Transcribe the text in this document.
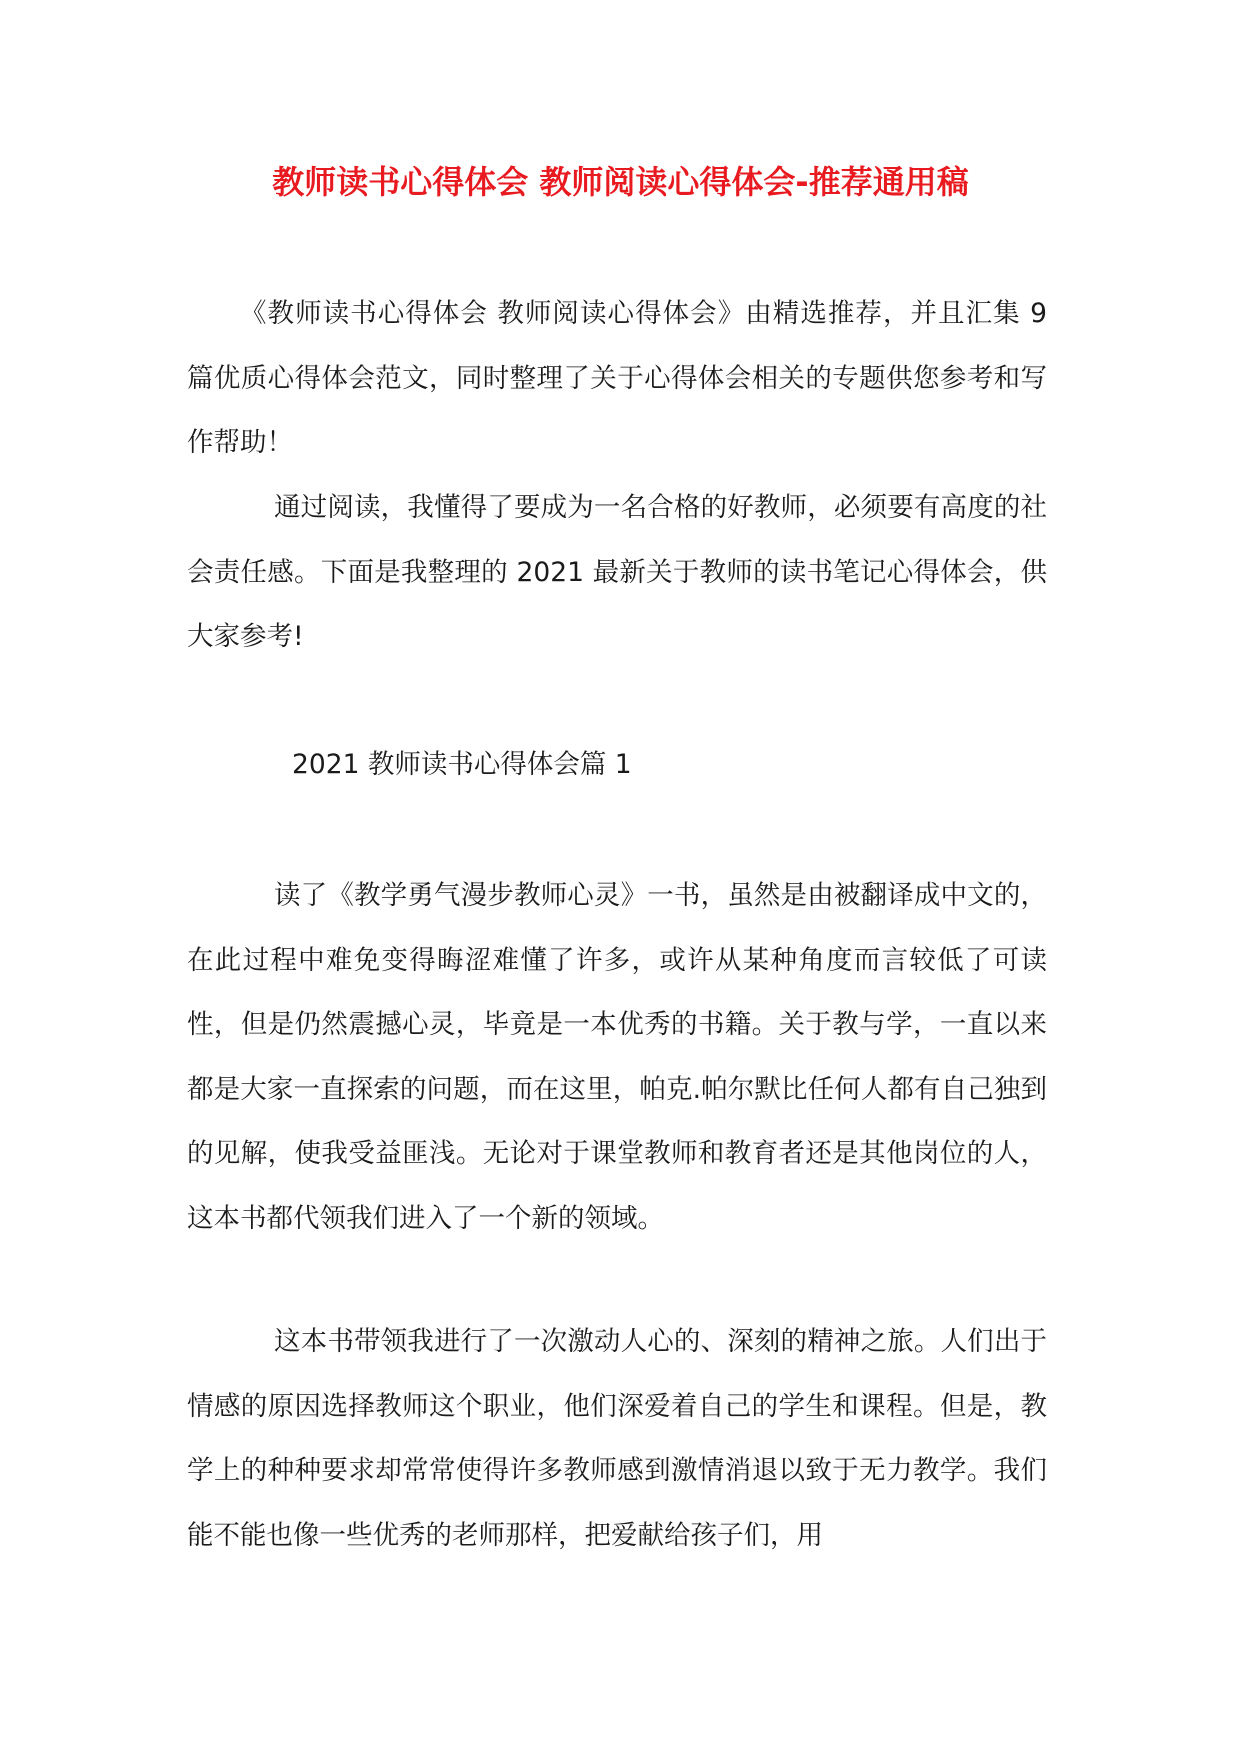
教师读书心得体会 教师阅读心得体会-推荐通用稿

《教师读书心得体会 教师阅读心得体会》由精选推荐，并且汇集 9 篇优质心得体会范文，同时整理了关于心得体会相关的专题供您参考和写作帮助！

通过阅读，我懂得了要成为一名合格的好教师，必须要有高度的社会责任感。下面是我整理的 2021 最新关于教师的读书笔记心得体会，供大家参考!

2021 教师读书心得体会篇 1

读了《教学勇气漫步教师心灵》一书，虽然是由被翻译成中文的，在此过程中难免变得晦涩难懂了许多，或许从某种角度而言较低了可读性，但是仍然震撼心灵，毕竟是一本优秀的书籍。关于教与学，一直以来都是大家一直探索的问题，而在这里，帕克.帕尔默比任何人都有自己独到的见解，使我受益匪浅。无论对于课堂教师和教育者还是其他岗位的人，这本书都代领我们进入了一个新的领域。

这本书带领我进行了一次激动人心的、深刻的精神之旅。人们出于情感的原因选择教师这个职业，他们深爱着自己的学生和课程。但是，教学上的种种要求却常常使得许多教师感到激情消退以致于无力教学。我们能不能也像一些优秀的老师那样，把爱献给孩子们，用
